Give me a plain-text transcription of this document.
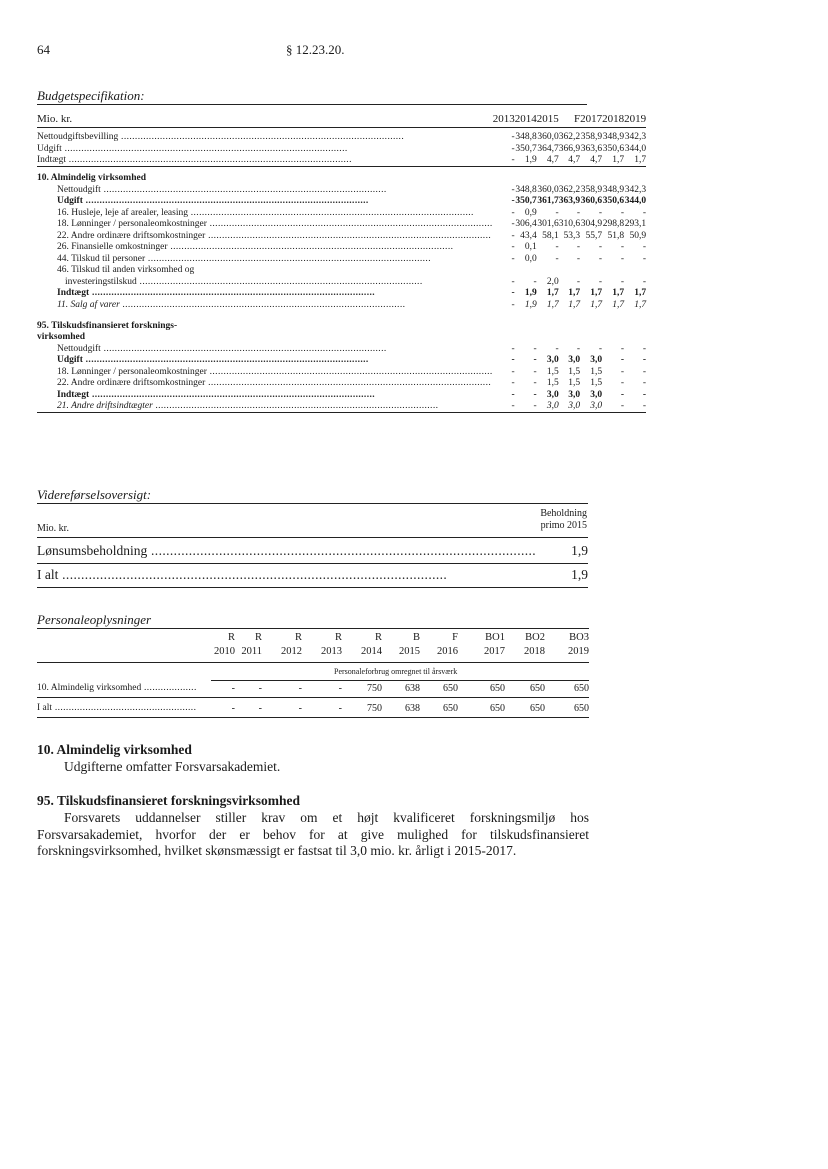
64	§ 12.23.20.
Budgetspecifikation:
Mio. kr.	2013	2014	2015	F	2017	2018	2019

Nettoudgiftsbevilling .....	-	348,8	360,0	362,2	358,9	348,9	342,3
Udgift .....	-	350,7	364,7	366,9	363,6	350,6	344,0
Indtægt .....	-	1,9	4,7	4,7	4,7	1,7	1,7

10. Almindelig virksomhed							
Nettoudgift .....	-	348,8	360,0	362,2	358,9	348,9	342,3
Udgift .....	-	350,7	361,7	363,9	360,6	350,6	344,0
16. Husleje, leje af arealer, leasing .....	-	0,9	-	-	-	-	-
18. Lønninger / personaleomkostninger .....	-	306,4	301,6	310,6	304,9	298,8	293,1
22. Andre ordinære driftsomkostninger .....	-	43,4	58,1	53,3	55,7	51,8	50,9
26. Finansielle omkostninger .....	-	0,1	-	-	-	-	-
44. Tilskud til personer .....	-	0,0	-	-	-	-	-
46. Tilskud til anden virksomhed og							
investeringstilskud .....	-	-	2,0	-	-	-	-
Indtægt .....	-	1,9	1,7	1,7	1,7	1,7	1,7
11. Salg af varer .....	-	1,9	1,7	1,7	1,7	1,7	1,7

95. Tilskudsfinansieret forsknings-							
virksomhed							
Nettoudgift .....	-	-	-	-	-	-	-
Udgift .....	-	-	3,0	3,0	3,0	-	-
18. Lønninger / personaleomkostninger .....	-	-	1,5	1,5	1,5	-	-
22. Andre ordinære driftsomkostninger .....	-	-	1,5	1,5	1,5	-	-
Indtægt .....	-	-	3,0	3,0	3,0	-	-
21. Andre driftsindtægter .....	-	-	3,0	3,0	3,0	-	-
Videreførselsoversigt:
Beholdning
primo 2015
Mio. kr.
Lønsumsbeholdning .....	1,9
I alt .....	1,9
Personaleoplysninger
R R	R	R	R	B	F	BO1 BO2 BO3
2010 2011 2012 2013 2014 2015 2016 2017 2018 2019
Personaleforbrug omregnet til årsværk
10. Almindelig virksomhed .....	- -	-	-	750 638 650	650	650	650
I alt .....	- -	-	-	750 638 650	650	650	650
10. Almindelig virksomhed
Udgifterne omfatter Forsvarsakademiet.
95. Tilskudsfinansieret forskningsvirksomhed
Forsvarets uddannelser stiller krav om et højt kvalificeret forskningsmiljø hos Forsvarsakademiet, hvorfor der er behov for at give mulighed for tilskudsfinansieret forskningsvirksomhed, hvilket skønsmæssigt er fastsat til 3,0 mio. kr. årligt i 2015-2017.
